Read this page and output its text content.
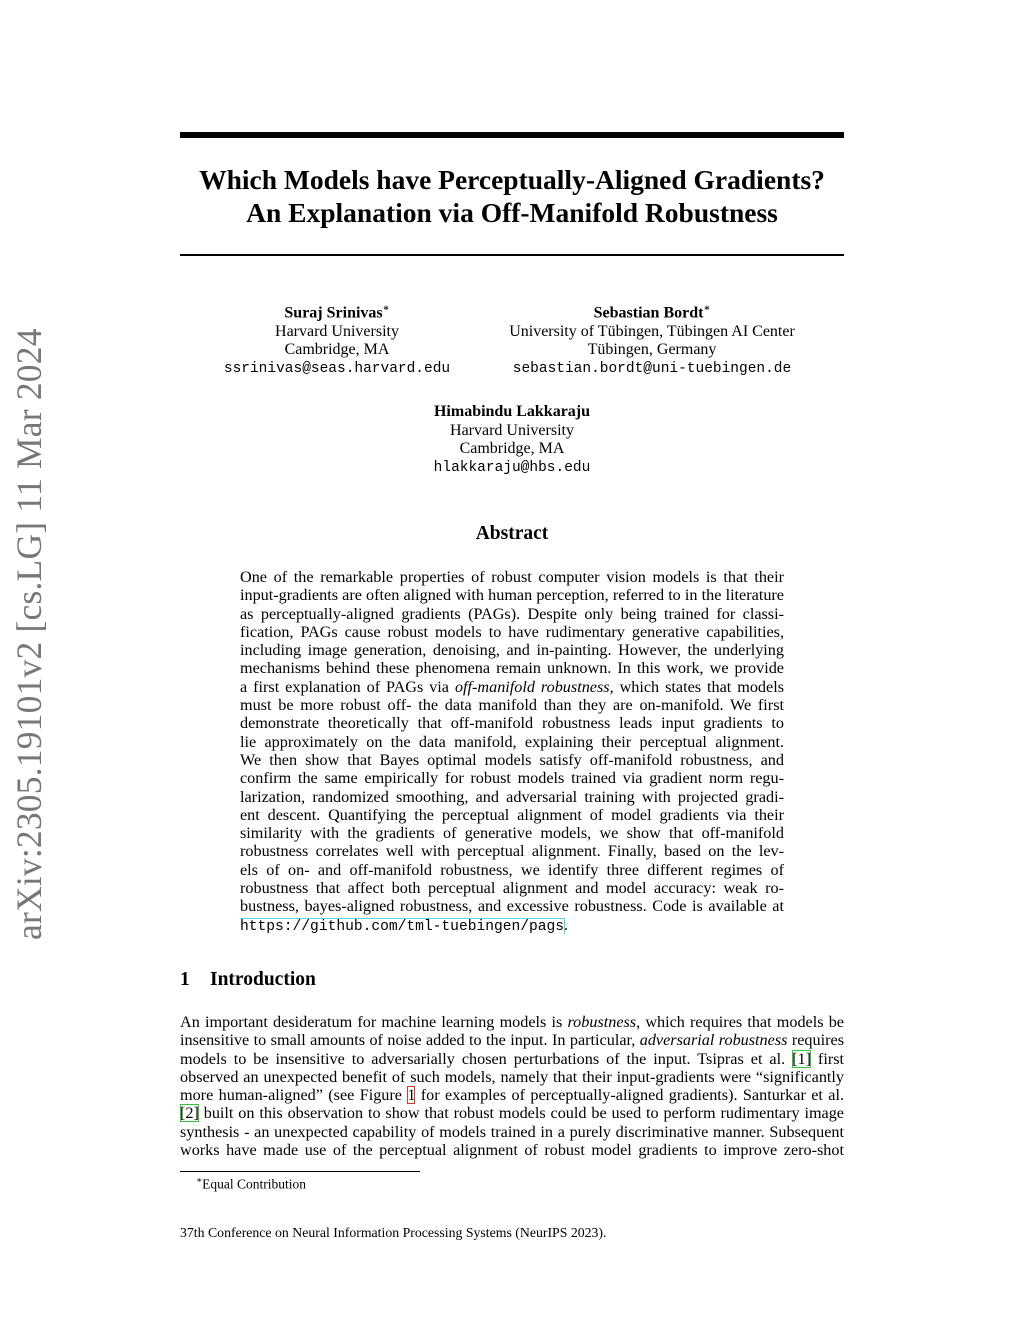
arXiv:2305.19101v2 [cs.LG] 11 Mar 2024
Which Models have Perceptually-Aligned Gradients?
An Explanation via Off-Manifold Robustness
Suraj Srinivas∗
Harvard University
Cambridge, MA
ssrinivas@seas.harvard.edu
Sebastian Bordt∗
University of Tübingen, Tübingen AI Center
Tübingen, Germany
sebastian.bordt@uni-tuebingen.de
Himabindu Lakkaraju
Harvard University
Cambridge, MA
hlakkaraju@hbs.edu
Abstract
One of the remarkable properties of robust computer vision models is that their
input-gradients are often aligned with human perception, referred to in the literature
as perceptually-aligned gradients (PAGs). Despite only being trained for classi-
fication, PAGs cause robust models to have rudimentary generative capabilities,
including image generation, denoising, and in-painting. However, the underlying
mechanisms behind these phenomena remain unknown. In this work, we provide
a first explanation of PAGs via off-manifold robustness, which states that models
must be more robust off- the data manifold than they are on-manifold. We first
demonstrate theoretically that off-manifold robustness leads input gradients to
lie approximately on the data manifold, explaining their perceptual alignment.
We then show that Bayes optimal models satisfy off-manifold robustness, and
confirm the same empirically for robust models trained via gradient norm regu-
larization, randomized smoothing, and adversarial training with projected gradi-
ent descent. Quantifying the perceptual alignment of model gradients via their
similarity with the gradients of generative models, we show that off-manifold
robustness correlates well with perceptual alignment. Finally, based on the lev-
els of on- and off-manifold robustness, we identify three different regimes of
robustness that affect both perceptual alignment and model accuracy: weak ro-
bustness, bayes-aligned robustness, and excessive robustness. Code is available at
https://github.com/tml-tuebingen/pags.
1 Introduction
An important desideratum for machine learning models is robustness, which requires that models be
insensitive to small amounts of noise added to the input. In particular, adversarial robustness requires
models to be insensitive to adversarially chosen perturbations of the input. Tsipras et al. [1] first
observed an unexpected benefit of such models, namely that their input-gradients were “significantly
more human-aligned” (see Figure 1 for examples of perceptually-aligned gradients). Santurkar et al.
[2] built on this observation to show that robust models could be used to perform rudimentary image
synthesis - an unexpected capability of models trained in a purely discriminative manner. Subsequent
works have made use of the perceptual alignment of robust model gradients to improve zero-shot
∗Equal Contribution
37th Conference on Neural Information Processing Systems (NeurIPS 2023).
